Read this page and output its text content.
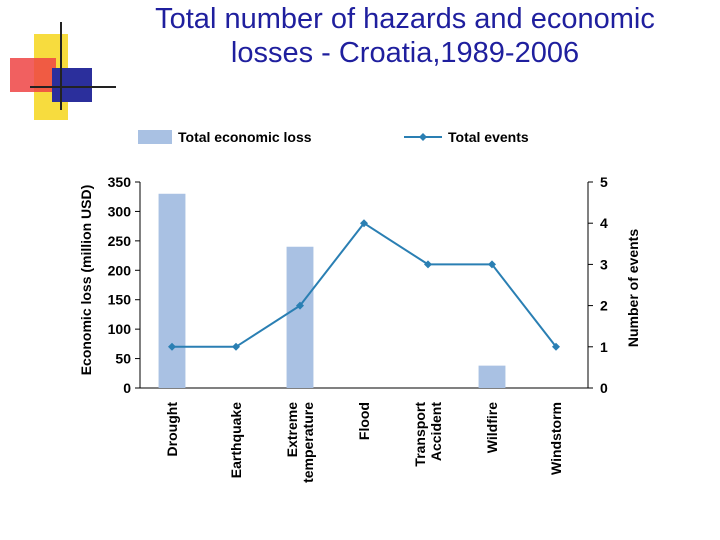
Total number of hazards and economic
losses - Croatia,1989-2006
Total economic loss	Total events
Economic loss (million USD)	Number of events
0
50
100
150
200
250
300
350
0
1
2
3
4
5
Drought	Earthquake	Extreme temperature	Flood	Transport Accident	Wildfire	Windstorm
